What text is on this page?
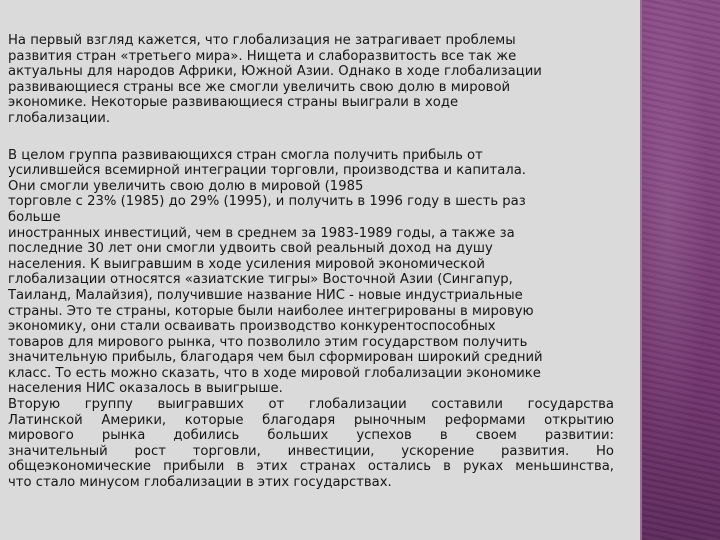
На первый взгляд кажется, что глобализация не затрагивает проблемы
развития стран «третьего мира». Нищета и слаборазвитость все так же
актуальны для народов Африки, Южной Азии. Однако в ходе глобализации
развивающиеся страны все же смогли увеличить свою долю в мировой
экономике. Некоторые развивающиеся страны выиграли в ходе
глобализации.

В целом группа развивающихся стран смогла получить прибыль от
усилившейся всемирной интеграции торговли, производства и капитала.
Они смогли увеличить свою долю в мировой (1985
торговле с 23% (1985) до 29% (1995), и получить в 1996 году в шесть раз
больше
иностранных инвестиций, чем в среднем за 1983-1989 годы, а также за
последние 30 лет они смогли удвоить свой реальный доход на душу
населения. К выигравшим в ходе усиления мировой экономической
глобализации относятся «азиатские тигры» Восточной Азии (Сингапур,
Таиланд, Малайзия), получившие название НИС - новые индустриальные
страны. Это те страны, которые были наиболее интегрированы в мировую
экономику, они стали осваивать производство конкурентоспособных
товаров для мирового рынка, что позволило этим государством получить
значительную прибыль, благодаря чем был сформирован широкий средний
класс. То есть можно сказать, что в ходе мировой глобализации экономике
населения НИС оказалось в выигрыше.

Вторую группу выигравших от глобализации составили государства
Латинской Америки, которые благодаря рыночным реформами открытию
мирового рынка добились больших успехов в своем развитии:
значительный рост торговли, инвестиции, ускорение развития. Но
общеэкономические прибыли в этих странах остались в руках меньшинства,
что стало минусом глобализации в этих государствах.
